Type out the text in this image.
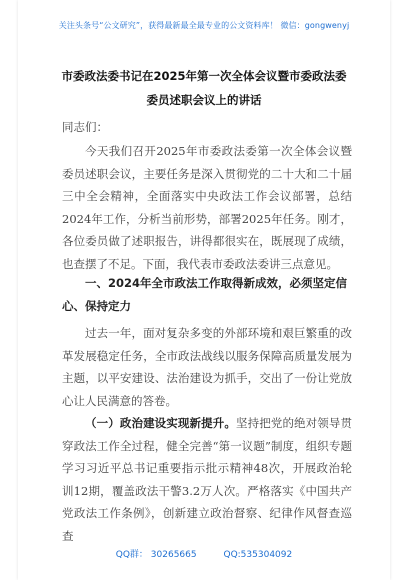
关注头条号“公文研究”，获得最新最全最专业的公文资料库！ 微信：gongwenyj
市委政法委书记在2025年第一次全体会议暨市委政法委委员述职会议上的讲话
同志们：
今天我们召开2025年市委政法委第一次全体会议暨委员述职会议，主要任务是深入贯彻党的二十大和二十届三中全会精神，全面落实中央政法工作会议部署，总结2024年工作，分析当前形势，部署2025年任务。刚才，各位委员做了述职报告，讲得都很实在，既展现了成绩，也查摆了不足。下面，我代表市委政法委讲三点意见。
一、2024年全市政法工作取得新成效，必须坚定信心、保持定力
过去一年，面对复杂多变的外部环境和艰巨繁重的改革发展稳定任务，全市政法战线以服务保障高质量发展为主题，以平安建设、法治建设为抓手，交出了一份让党放心让人民满意的答卷。
（一）政治建设实现新提升。坚持把党的绝对领导贯穿政法工作全过程，健全完善“第一议题”制度，组织专题学习习近平总书记重要指示批示精神48次，开展政治轮训12期，覆盖政法干警3.2万人次。严格落实《中国共产党政法工作条例》，创新建立政治督察、纪律作风督查巡查
QQ群： 30265665	QQ:535304092
